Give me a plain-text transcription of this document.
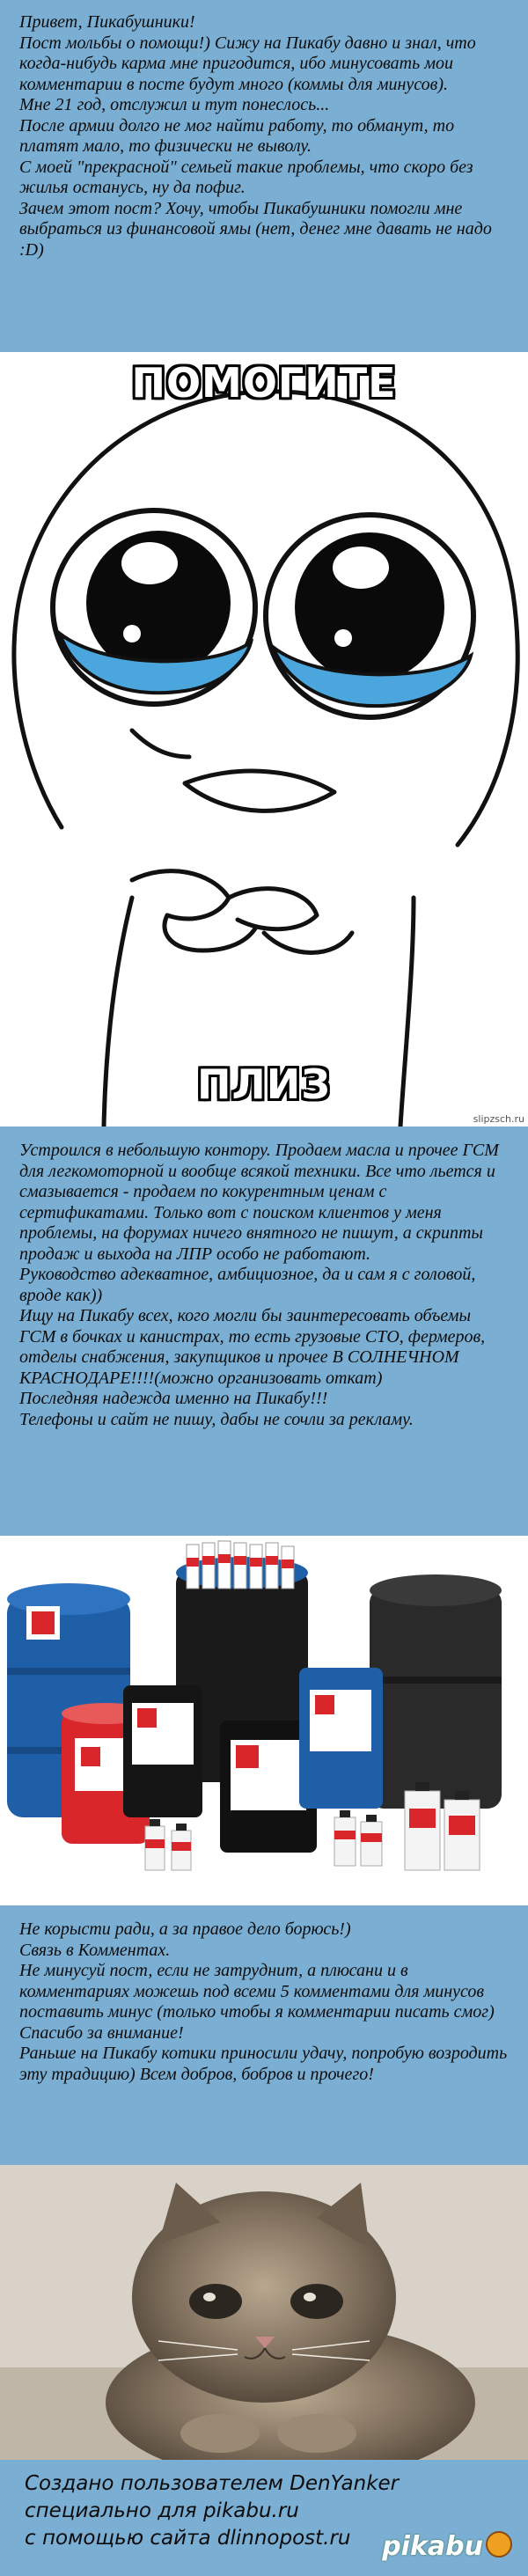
Привет, Пикабушники!
Пост мольбы о помощи!) Сижу на Пикабу давно и знал, что когда-нибудь карма мне пригодится, ибо минусовать мои комментарии в посте будут много (коммы для минусов).
Мне 21 год, отслужил и тут понеслось...
После армии долго не мог найти работу, то обманут, то платят мало, то физически не выволу.
С моей "прекрасной" семьей такие проблемы, что скоро без жилья останусь, ну да пофиг.
Зачем этот пост? Хочу, чтобы Пикабушники помогли мне выбраться из финансовой ямы (нет, денег мне давать не надо :D)

ПОМОГИТЕ
ПЛИЗ
slipzsch.ru

Устроился в небольшую контору. Продаем масла и прочее ГСМ для легкомоторной и вообще всякой техники. Все что льется и смазывается - продаем по кокурентным ценам с сертификатами. Только вот с поиском клиентов у меня проблемы, на форумах ничего внятного не пишут, а скрипты продаж и выхода на ЛПР особо не работают.
Руководство адекватное, амбициозное, да и сам я с головой, вроде как))
Ищу на Пикабу всех, кого могли бы заинтересовать объемы ГСМ в бочках и канистрах, то есть грузовые СТО, фермеров, отделы снабжения, закупщиков и прочее В СОЛНЕЧНОМ КРАСНОДАРЕ!!!!(можно организовать откат)
Последняя надежда именно на Пикабу!!!
Телефоны и сайт не пишу, дабы не сочли за рекламу.

Не корысти ради, а за правое дело борюсь!)
Связь в Комментах.
Не минусуй пост, если не затруднит, а плюсани и в комментариях можешь под всеми 5 комментами для минусов поставить минус (только чтобы я комментарии писать смог)
Спасибо за внимание!
Раньше на Пикабу котики приносили удачу, попробую возродить эту традицию) Всем добров, бобров и прочего!

Создано пользователем DenYanker
специально для pikabu.ru
с помощью сайта dlinnopost.ru	pikabu
